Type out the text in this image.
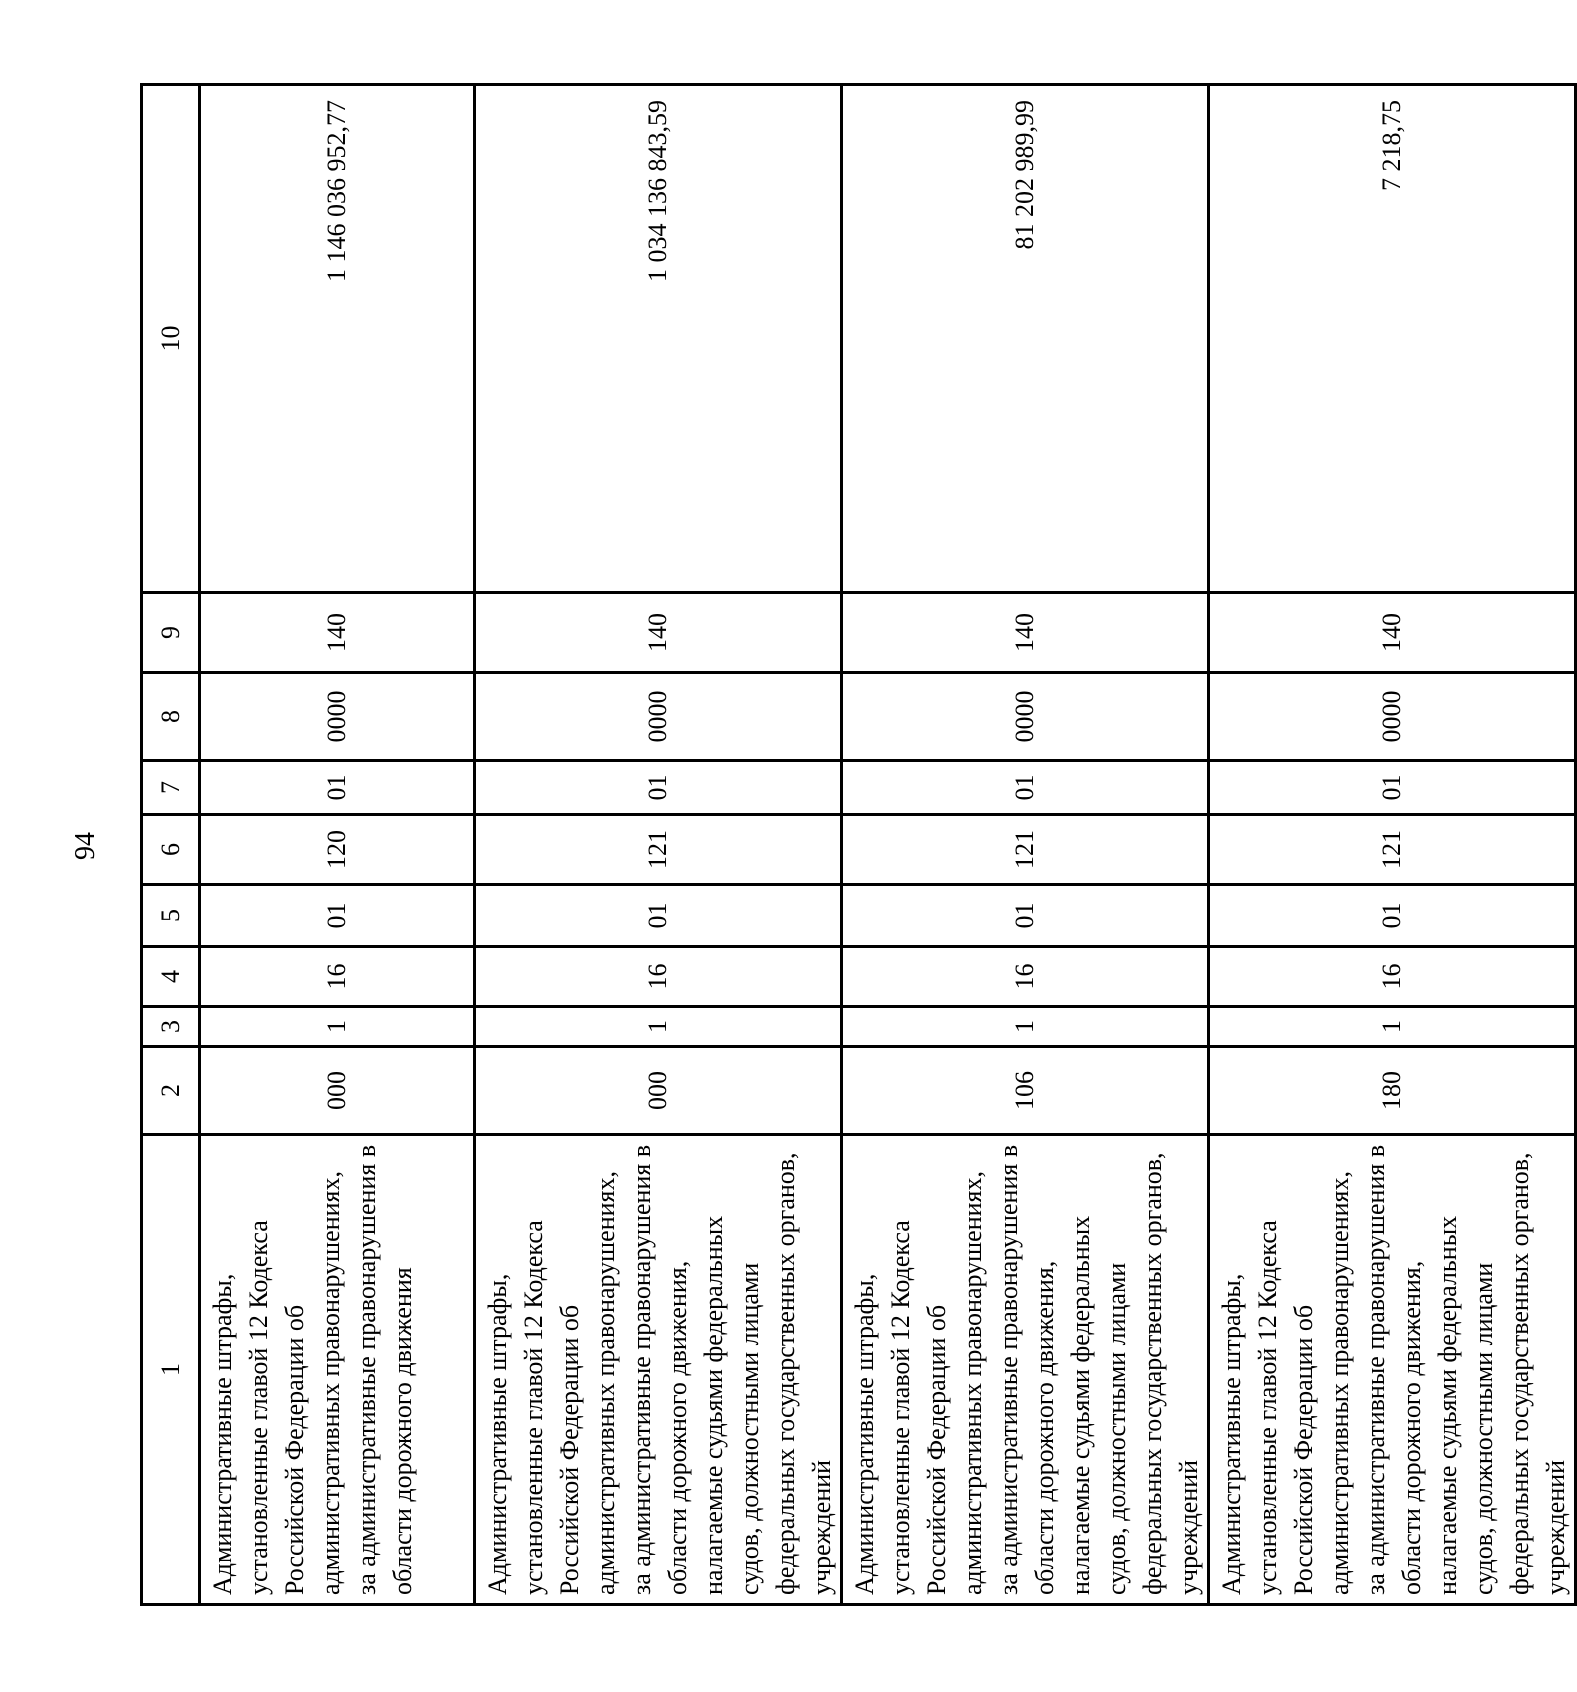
94
1	2	3	4	5	6	7	8	9	10
Административные штрафы, установленные главой 12 Кодекса Российской Федерации об административных правонарушениях, за административные правонарушения в области дорожного движения	000	1	16	01	120	01	0000	140	1 146 036 952,77
Административные штрафы, установленные главой 12 Кодекса Российской Федерации об административных правонарушениях, за административные правонарушения в области дорожного движения, налагаемые судьями федеральных судов, должностными лицами федеральных государственных органов, учреждений	000	1	16	01	121	01	0000	140	1 034 136 843,59
Административные штрафы, установленные главой 12 Кодекса Российской Федерации об административных правонарушениях, за административные правонарушения в области дорожного движения, налагаемые судьями федеральных судов, должностными лицами федеральных государственных органов, учреждений	106	1	16	01	121	01	0000	140	81 202 989,99
Административные штрафы, установленные главой 12 Кодекса Российской Федерации об административных правонарушениях, за административные правонарушения в области дорожного движения, налагаемые судьями федеральных судов, должностными лицами федеральных государственных органов, учреждений	180	1	16	01	121	01	0000	140	7 218,75
